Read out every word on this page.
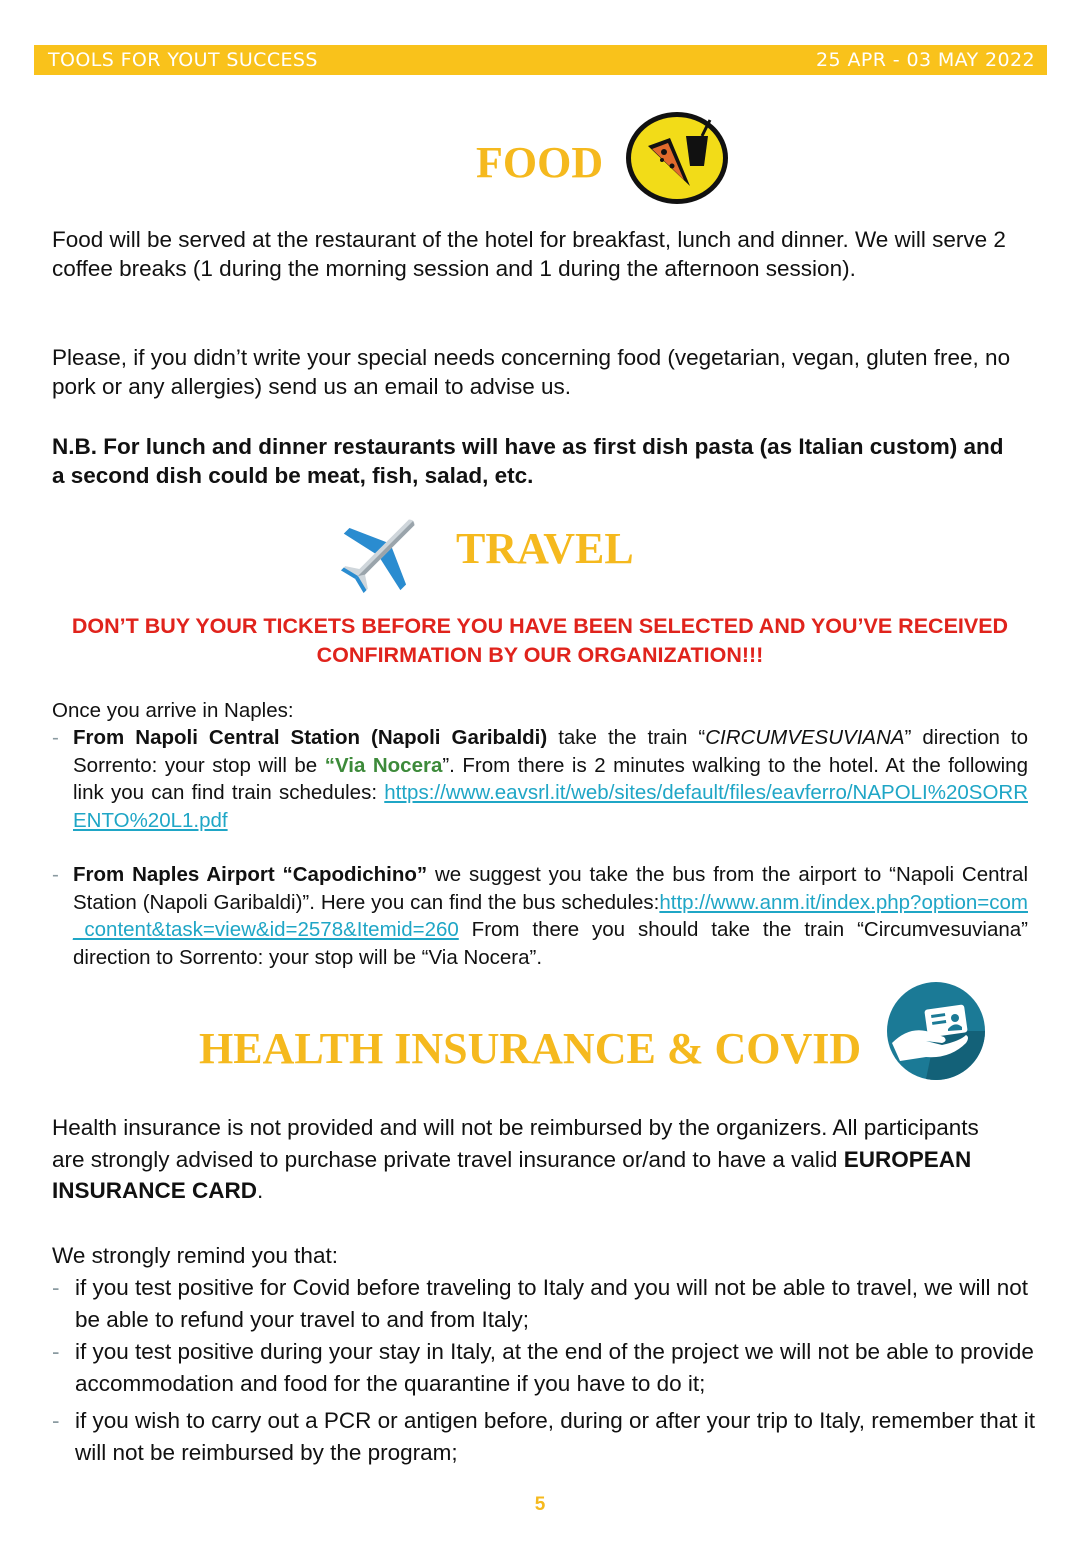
TOOLS FOR YOUT SUCCESS	25 APR - 03 MAY 2022
FOOD

Food will be served at the restaurant of the hotel for breakfast, lunch and dinner. We will serve 2 coffee breaks (1 during the morning session and 1 during the afternoon session).

Please, if you didn’t write your special needs concerning food (vegetarian, vegan, gluten free, no pork or any allergies) send us an email to advise us.

N.B. For lunch and dinner restaurants will have as first dish pasta (as Italian custom) and a second dish could be meat, fish, salad, etc.

TRAVEL

DON’T BUY YOUR TICKETS BEFORE YOU HAVE BEEN SELECTED AND YOU’VE RECEIVED CONFIRMATION BY OUR ORGANIZATION!!!

Once you arrive in Naples:

- From Napoli Central Station (Napoli Garibaldi) take the train “CIRCUMVESUVIANA” direction to Sorrento: your stop will be “Via Nocera”. From there is 2 minutes walking to the hotel. At the following link you can find train schedules: https://www.eavsrl.it/web/sites/default/files/eavferro/NAPOLI%20SORRENTO%20L1.pdf
- From Naples Airport “Capodichino” we suggest you take the bus from the airport to “Napoli Central Station (Napoli Garibaldi)”. Here you can find the bus schedules:http://www.anm.it/index.php?option=com_content&task=view&id=2578&Itemid=260 From there you should take the train “Circumvesuviana” direction to Sorrento: your stop will be “Via Nocera”.
HEALTH INSURANCE & COVID

Health insurance is not provided and will not be reimbursed by the organizers. All participants are strongly advised to purchase private travel insurance or/and to have a valid EUROPEAN INSURANCE CARD.

We strongly remind you that:

- if you test positive for Covid before traveling to Italy and you will not be able to travel, we will not be able to refund your travel to and from Italy;
- if you test positive during your stay in Italy, at the end of the project we will not be able to provide accommodation and food for the quarantine if you have to do it;
- if you wish to carry out a PCR or antigen before, during or after your trip to Italy, remember that it will not be reimbursed by the program;
5
